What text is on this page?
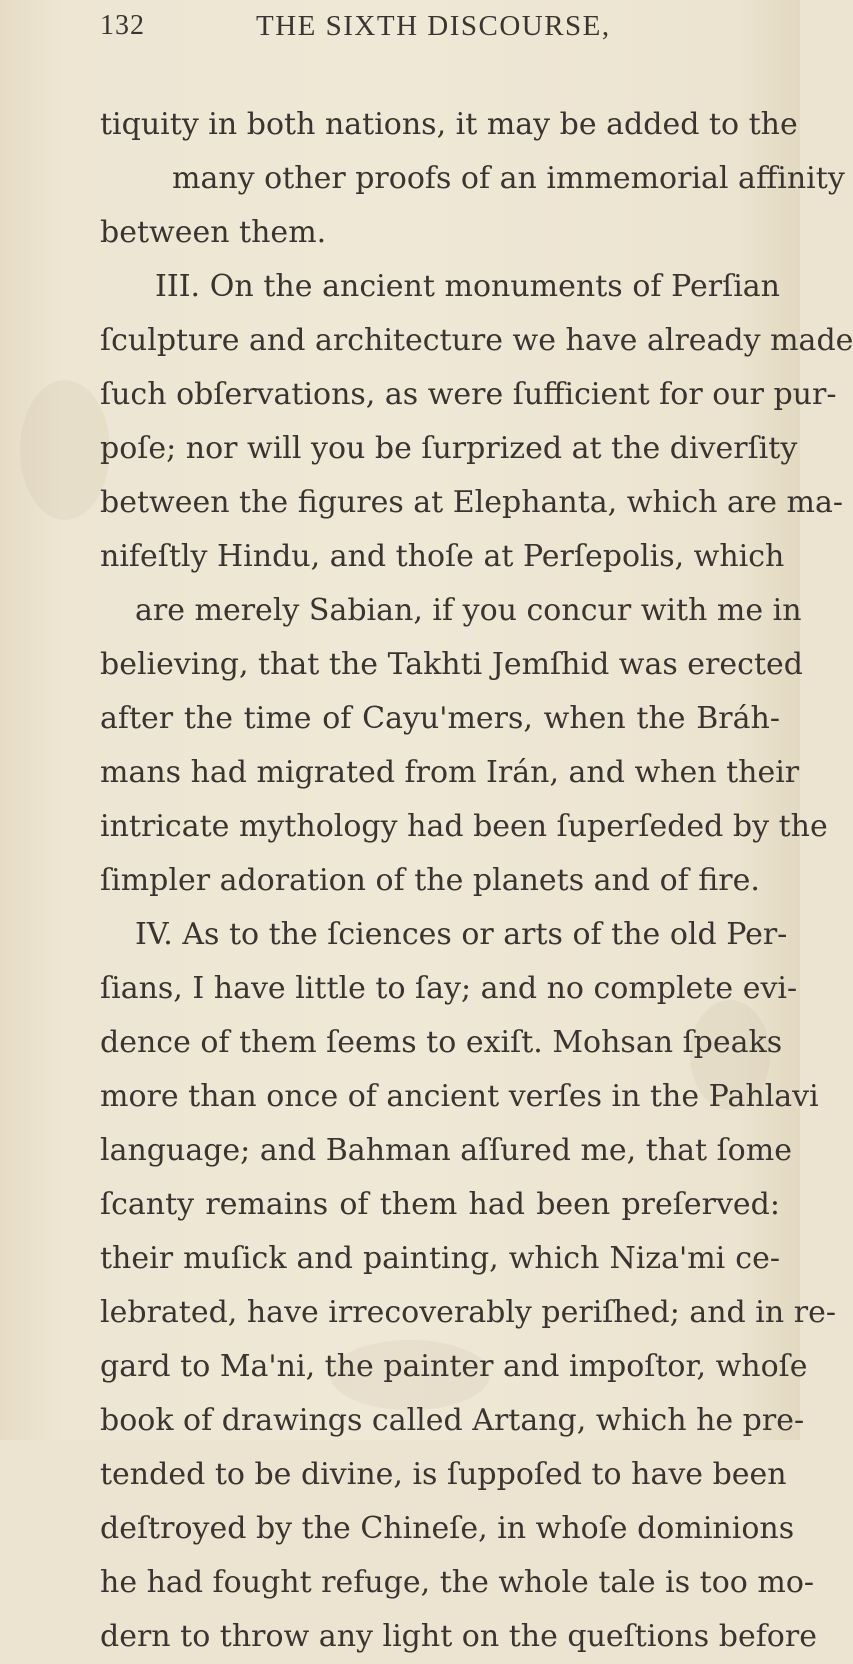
132	THE SIXTH DISCOURSE,
tiquity in both nations, it may be added to the
many other proofs of an immemorial affinity
between them.
III. On the ancient monuments of Perſian
ſculpture and architecture we have already made
ſuch obſervations, as were ſufficient for our pur-
poſe; nor will you be ſurprized at the diverſity
between the figures at Elephanta, which are ma-
nifeſtly Hindu, and thoſe at Perſepolis, which
are merely Sabian, if you concur with me in
believing, that the Takhti Jemſhid was erected
after the time of Cayu'mers, when the Bráh-
mans had migrated from Irán, and when their
intricate mythology had been ſuperſeded by the
ſimpler adoration of the planets and of fire.
IV. As to the ſciences or arts of the old Per-
ſians, I have little to ſay; and no complete evi-
dence of them ſeems to exiſt. Mohsan ſpeaks
more than once of ancient verſes in the Pahlavi
language; and Bahman aſſured me, that ſome
ſcanty remains of them had been preſerved:
their muſick and painting, which Niza'mi ce-
lebrated, have irrecoverably periſhed; and in re-
gard to Ma'ni, the painter and impoſtor, whoſe
book of drawings called Artang, which he pre-
tended to be divine, is ſuppoſed to have been
deſtroyed by the Chineſe, in whoſe dominions
he had fought refuge, the whole tale is too mo-
dern to throw any light on the queſtions before
